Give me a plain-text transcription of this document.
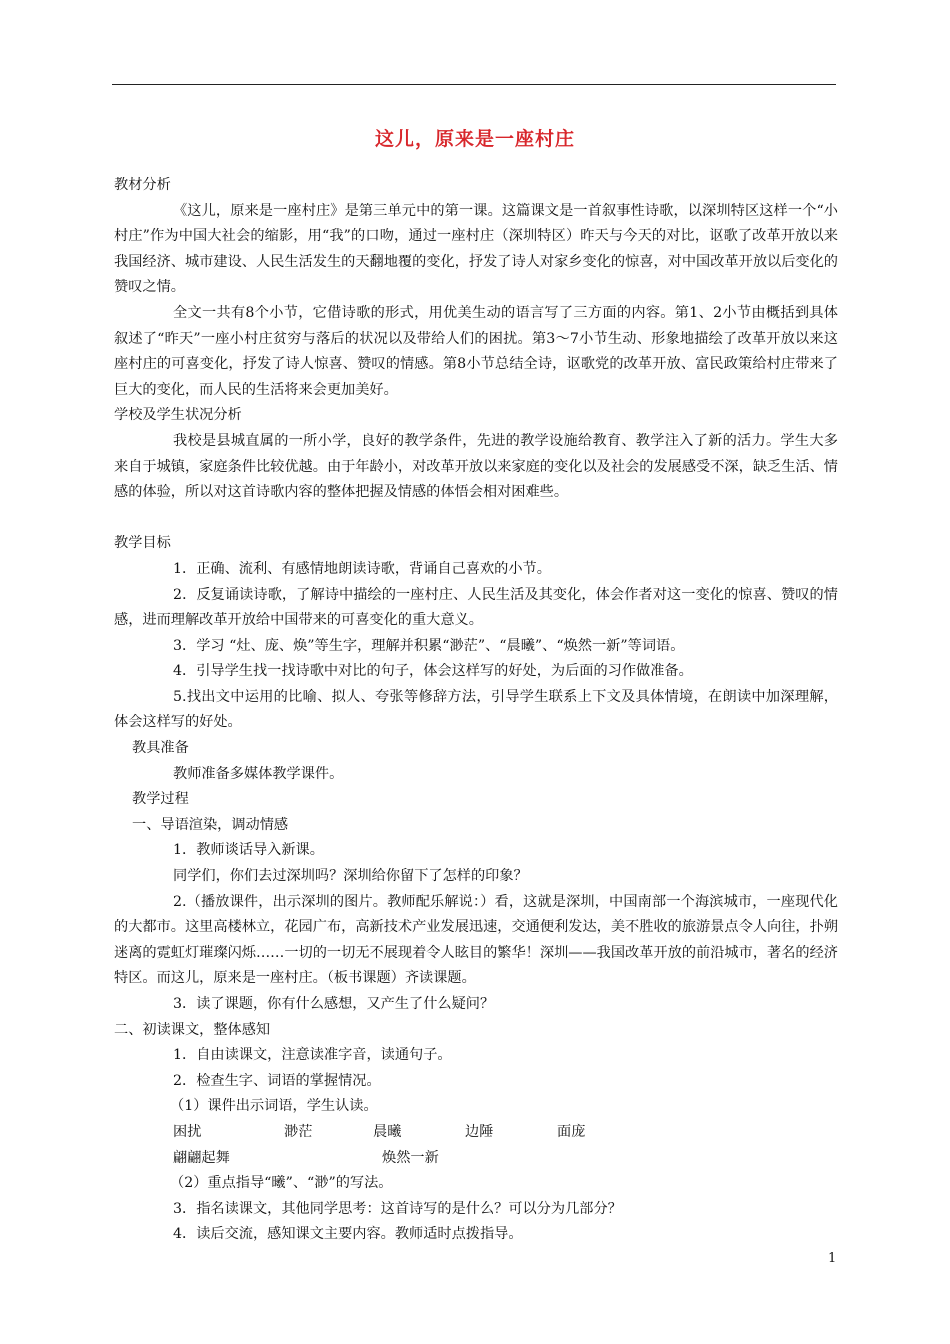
这儿，原来是一座村庄

教材分析

《这儿，原来是一座村庄》是第三单元中的第一课。这篇课文是一首叙事性诗歌，以深圳特区这样一个“小村庄”作为中国大社会的缩影，用“我”的口吻，通过一座村庄（深圳特区）昨天与今天的对比，讴歌了改革开放以来我国经济、城市建设、人民生活发生的天翻地覆的变化，抒发了诗人对家乡变化的惊喜，对中国改革开放以后变化的赞叹之情。

全文一共有8个小节，它借诗歌的形式，用优美生动的语言写了三方面的内容。第1、2小节由概括到具体叙述了“昨天”一座小村庄贫穷与落后的状况以及带给人们的困扰。第3～7小节生动、形象地描绘了改革开放以来这座村庄的可喜变化，抒发了诗人惊喜、赞叹的情感。第8小节总结全诗，讴歌党的改革开放、富民政策给村庄带来了巨大的变化，而人民的生活将来会更加美好。

学校及学生状况分析

我校是县城直属的一所小学，良好的教学条件，先进的教学设施给教育、教学注入了新的活力。学生大多来自于城镇，家庭条件比较优越。由于年龄小，对改革开放以来家庭的变化以及社会的发展感受不深，缺乏生活、情感的体验，所以对这首诗歌内容的整体把握及情感的体悟会相对困难些。

教学目标

1．正确、流利、有感情地朗读诗歌，背诵自己喜欢的小节。

2．反复诵读诗歌，了解诗中描绘的一座村庄、人民生活及其变化，体会作者对这一变化的惊喜、赞叹的情感，进而理解改革开放给中国带来的可喜变化的重大意义。

3．学习 “灶、庞、焕”等生字，理解并积累“渺茫”、“晨曦”、“焕然一新”等词语。

4．引导学生找一找诗歌中对比的句子，体会这样写的好处，为后面的习作做准备。

5.找出文中运用的比喻、拟人、夸张等修辞方法，引导学生联系上下文及具体情境，在朗读中加深理解，体会这样写的好处。

教具准备

教师准备多媒体教学课件。

教学过程

一、导语渲染，调动情感

1．教师谈话导入新课。

同学们，你们去过深圳吗？深圳给你留下了怎样的印象？

2.（播放课件，出示深圳的图片。教师配乐解说：）看，这就是深圳，中国南部一个海滨城市，一座现代化的大都市。这里高楼林立，花园广布，高新技术产业发展迅速，交通便利发达，美不胜收的旅游景点令人向往，扑朔迷离的霓虹灯璀璨闪烁……一切的一切无不展现着令人眩目的繁华！深圳——我国改革开放的前沿城市，著名的经济特区。而这儿，原来是一座村庄。（板书课题）齐读课题。

3．读了课题，你有什么感想，又产生了什么疑问？

二、初读课文，整体感知

1．自由读课文，注意读准字音，读通句子。

2．检查生字、词语的掌握情况。

（1）课件出示词语，学生认读。

困扰	渺茫	晨曦	边陲	面庞
翩翩起舞	焕然一新

（2）重点指导“曦”、“渺”的写法。

3．指名读课文，其他同学思考：这首诗写的是什么？可以分为几部分？

4．读后交流，感知课文主要内容。教师适时点拨指导。

1
